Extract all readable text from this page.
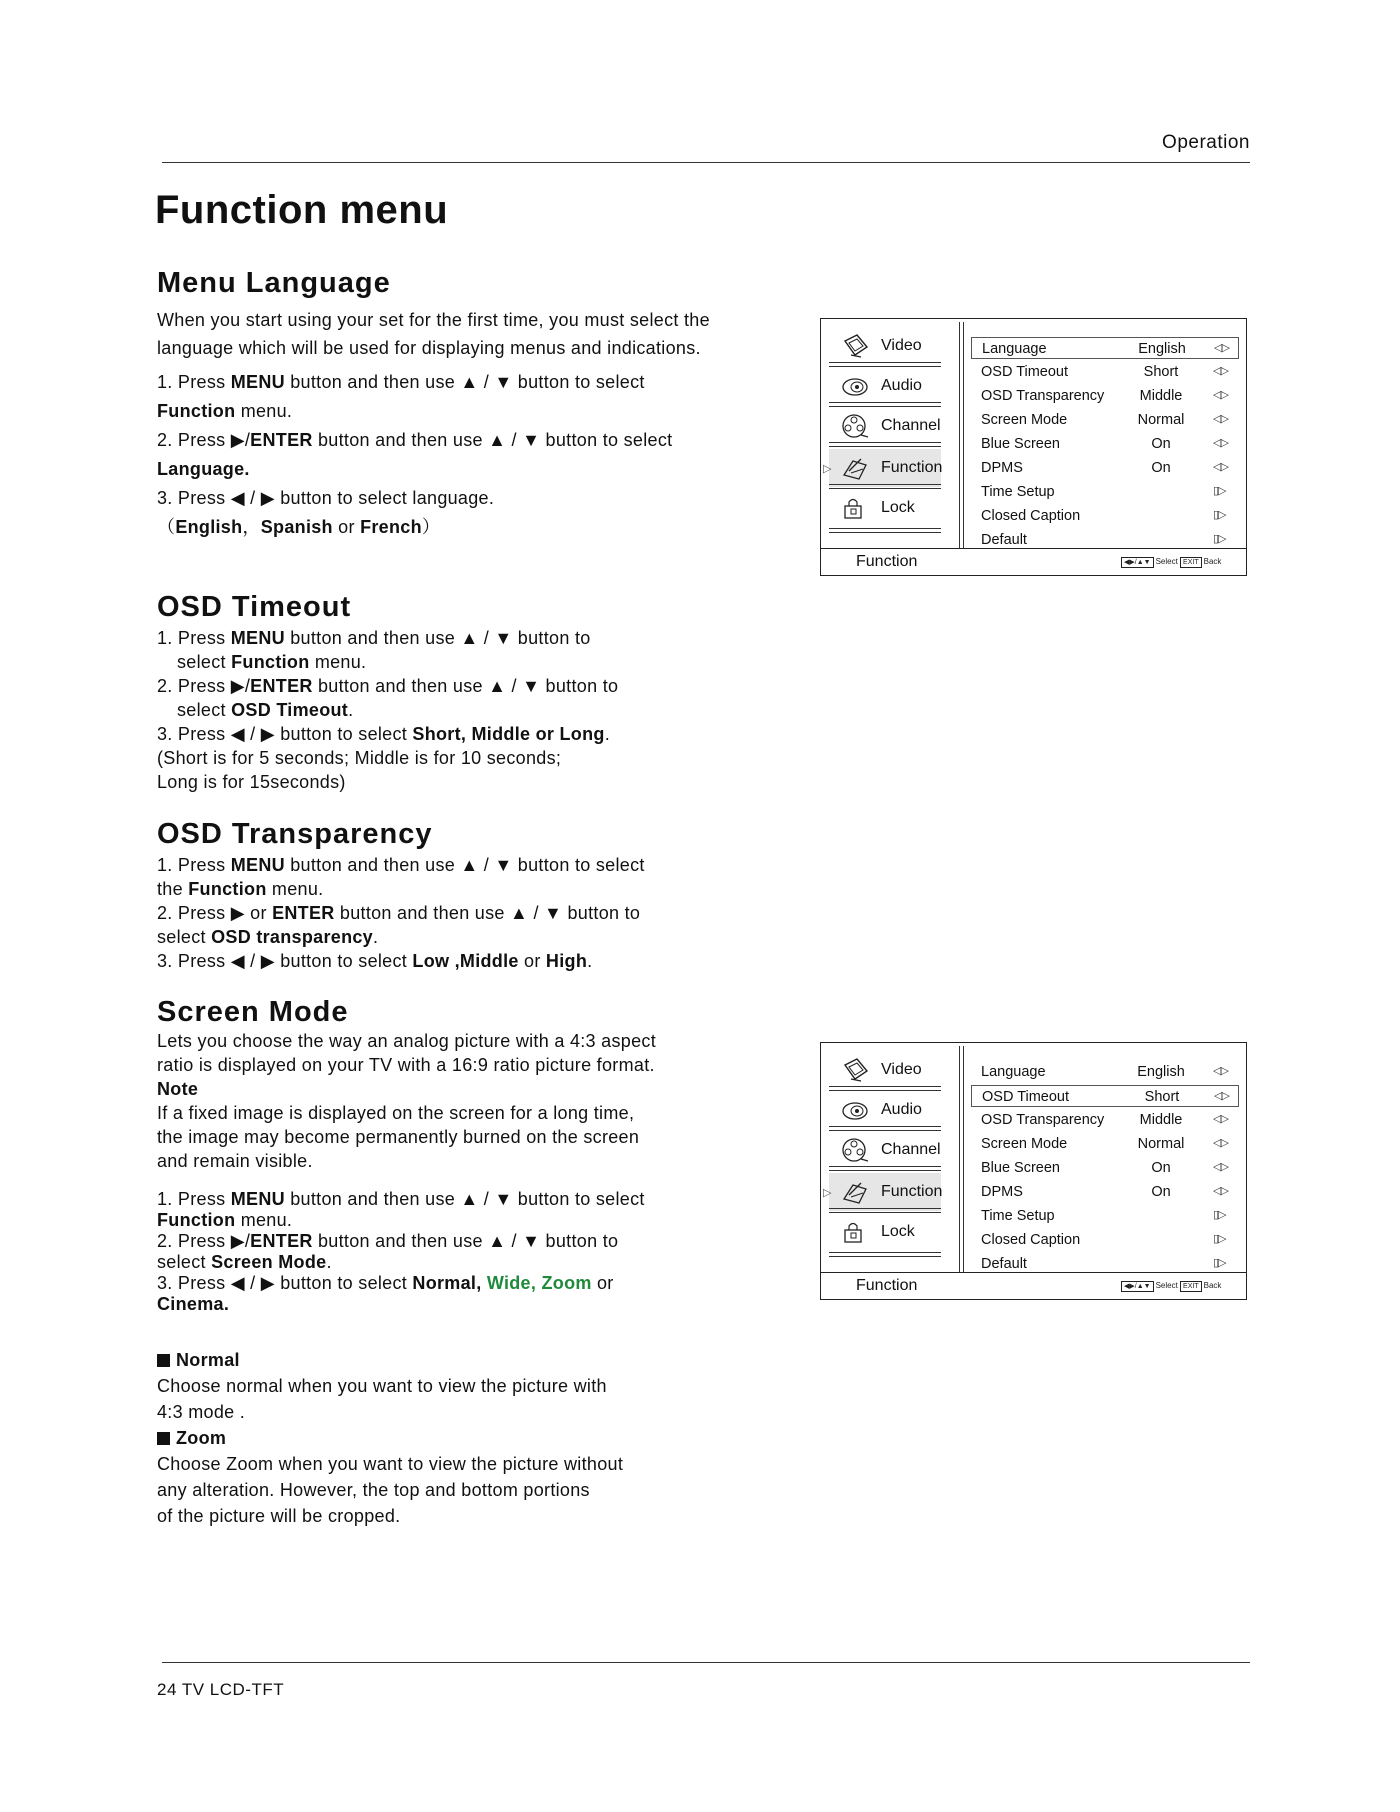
Operation
Function menu
Menu Language

When you start using your set for the first time, you must select the language which will be used for displaying menus and indications.

1. Press MENU button and then use ▲ / ▼ button to select Function menu.

2. Press ▶/ENTER button and then use ▲ / ▼ button to select Language.

3. Press ◀ / ▶ button to select language.

（English，Spanish or French）

OSD Timeout

1. Press MENU button and then use ▲ / ▼ button to

select Function menu.

2. Press ▶/ENTER button and then use ▲ / ▼ button to

select OSD Timeout.

3. Press ◀ / ▶ button to select Short, Middle or Long.

(Short is for 5 seconds; Middle is for 10 seconds;

Long is for 15seconds)

OSD Transparency

1. Press MENU button and then use ▲ / ▼ button to select

the Function menu.

2. Press ▶ or ENTER button and then use ▲ / ▼ button to

select OSD transparency.

3. Press ◀ / ▶ button to select Low ,Middle or High.

Screen Mode

Lets you choose the way an analog picture with a 4:3 aspect

ratio is displayed on your TV with a 16:9 ratio picture format.

Note

If a fixed image is displayed on the screen for a long time,

the image may become permanently burned on the screen

and remain visible.

1. Press MENU button and then use ▲ / ▼ button to select

Function menu.

2. Press ▶/ENTER button and then use ▲ / ▼ button to

select Screen Mode.

3. Press ◀ / ▶ button to select Normal, Wide, Zoom or

Cinema.

Normal

Choose normal when you want to view the picture with

4:3 mode .

Zoom

Choose Zoom when you want to view the picture without

any alteration. However, the top and bottom portions

of the picture will be cropped.

Video
Audio
Channel
▷	Function
Lock
Language	English	◁▷
OSD Timeout	Short	◁▷
OSD Transparency	Middle	◁▷
Screen Mode	Normal	◁▷
Blue Screen	On	◁▷
DPMS	On	◁▷
Time Setup	▯▷
Closed Caption	▯▷
Default	▯▷
Function	◀▶/▲▼ Select EXIT Back
Video
Audio
Channel
▷	Function
Lock
Language	English	◁▷
OSD Timeout	Short	◁▷
OSD Transparency	Middle	◁▷
Screen Mode	Normal	◁▷
Blue Screen	On	◁▷
DPMS	On	◁▷
Time Setup	▯▷
Closed Caption	▯▷
Default	▯▷
Function	◀▶/▲▼ Select EXIT Back
24 TV LCD-TFT
